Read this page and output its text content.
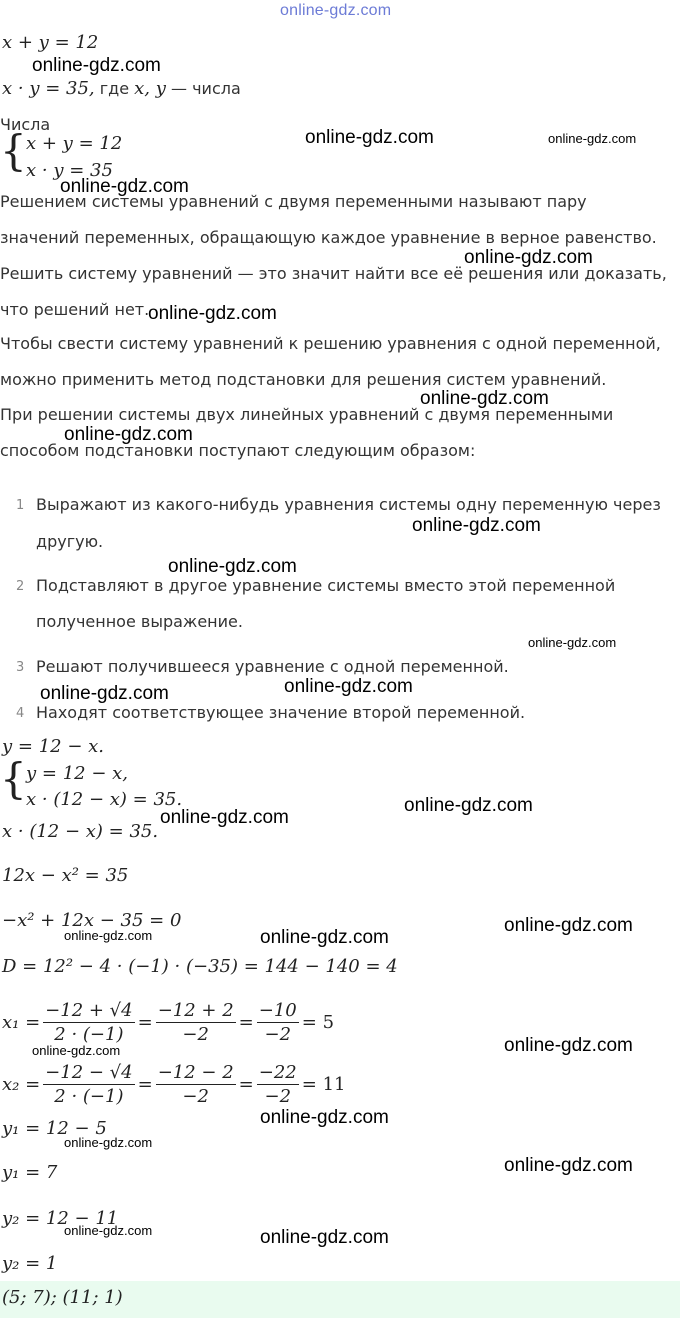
online-gdz.com
x + y = 12
x · y = 35, где x, y — числа
Числа
{ x + y = 12
x · y = 35
Решением системы уравнений с двумя переменными называют пару
значений переменных, обращающую каждое уравнение в верное равенство.
Решить систему уравнений — это значит найти все её решения или доказать,
что решений нет.
Чтобы свести систему уравнений к решению уравнения с одной переменной,
можно применить метод подстановки для решения систем уравнений.
При решении системы двух линейных уравнений с двумя переменными
способом подстановки поступают следующим образом:
1 Выражают из какого-нибудь уравнения системы одну переменную через
другую.
2 Подставляют в другое уравнение системы вместо этой переменной
полученное выражение.
3 Решают получившееся уравнение с одной переменной.
4 Находят соответствующее значение второй переменной.
y = 12 − x.
{ y = 12 − x,
x · (12 − x) = 35.
x · (12 − x) = 35.
12x − x² = 35
−x² + 12x − 35 = 0
D = 12² − 4 · (−1) · (−35) = 144 − 140 = 4
$x_1 = \frac{-12 + √4}{2 \cdot (-1)} = \frac{-12 + 2}{-2} = \frac{-10}{-2} = 5$
$x_2 = \frac{-12 - √4}{2 \cdot (-1)} = \frac{-12 - 2}{-2} = \frac{-22}{-2} = 11$
y₁ = 12 − 5
y₁ = 7
y₂ = 12 − 11
y₂ = 1
(5; 7); (11; 1)
online-gdz.com
online-gdz.com	online-gdz.com
online-gdz.com
online-gdz.com
online-gdz.com
online-gdz.com
online-gdz.com
online-gdz.com
online-gdz.com
online-gdz.com
online-gdz.com
online-gdz.com
online-gdz.com
online-gdz.com
online-gdz.com
online-gdz.com	online-gdz.com
online-gdz.com
online-gdz.com
online-gdz.com
online-gdz.com
online-gdz.com
online-gdz.com	online-gdz.com
